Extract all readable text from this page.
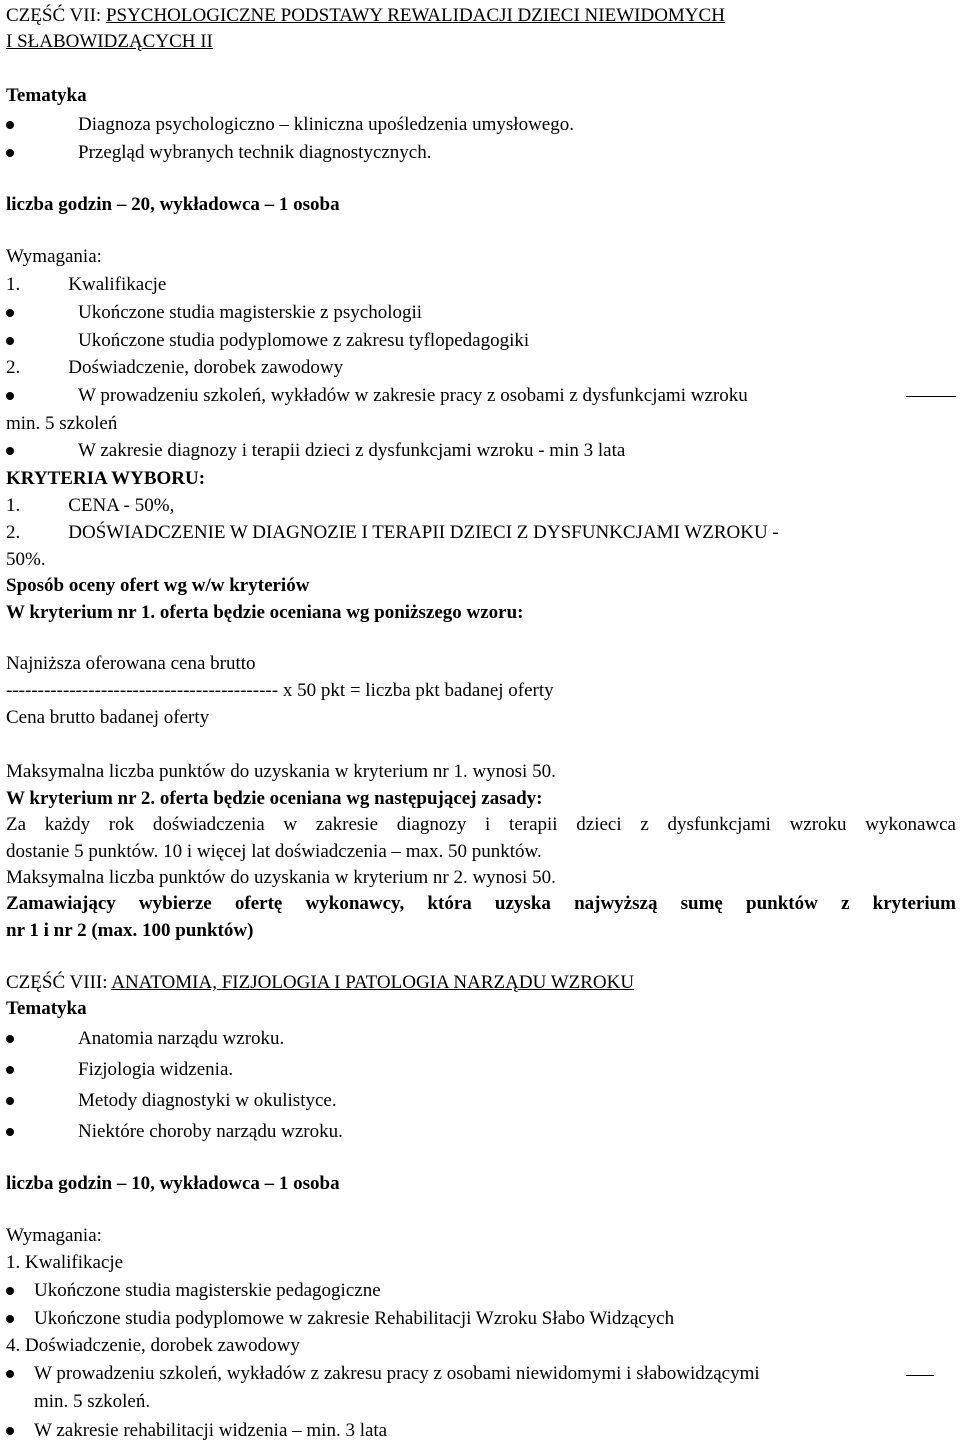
CZĘŚĆ VII: PSYCHOLOGICZNE PODSTAWY REWALIDACJI DZIECI NIEWIDOMYCH
I SŁABOWIDZĄCYCH II
Tematyka
Diagnoza psychologiczno – kliniczna upośledzenia umysłowego.
Przegląd wybranych technik diagnostycznych.
liczba godzin – 20, wykładowca – 1 osoba
Wymagania:
1.	Kwalifikacje
Ukończone studia magisterskie z psychologii
Ukończone studia podyplomowe z zakresu tyflopedagogiki
2.	Doświadczenie, dorobek zawodowy
W prowadzeniu szkoleń, wykładów w zakresie pracy z osobami z dysfunkcjami wzroku
min. 5 szkoleń
W zakresie diagnozy i terapii dzieci z dysfunkcjami wzroku - min 3 lata
KRYTERIA WYBORU:
1.	CENA - 50%,
2.	DOŚWIADCZENIE W DIAGNOZIE I TERAPII DZIECI Z DYSFUNKCJAMI WZROKU -
50%.
Sposób oceny ofert wg w/w kryteriów
W kryterium nr 1. oferta będzie oceniana wg poniższego wzoru:
Najniższa oferowana cena brutto
------------------------------------------- x 50 pkt = liczba pkt badanej oferty
Cena brutto badanej oferty
Maksymalna liczba punktów do uzyskania w kryterium nr 1. wynosi 50.
W kryterium nr 2. oferta będzie oceniana wg następującej zasady:
Za każdy rok doświadczenia w zakresie diagnozy i terapii dzieci z dysfunkcjami wzroku wykonawca
dostanie 5 punktów. 10 i więcej lat doświadczenia – max. 50 punktów.
Maksymalna liczba punktów do uzyskania w kryterium nr 2. wynosi 50.
Zamawiający wybierze ofertę wykonawcy, która uzyska najwyższą sumę punktów z kryterium
nr 1 i nr 2 (max. 100 punktów)
CZĘŚĆ VIII: ANATOMIA, FIZJOLOGIA I PATOLOGIA NARZĄDU WZROKU
Tematyka
Anatomia narządu wzroku.
Fizjologia widzenia.
Metody diagnostyki w okulistyce.
Niektóre choroby narządu wzroku.
liczba godzin – 10, wykładowca – 1 osoba
Wymagania:
1. Kwalifikacje
Ukończone studia magisterskie pedagogiczne
Ukończone studia podyplomowe w zakresie Rehabilitacji Wzroku Słabo Widzących
4. Doświadczenie, dorobek zawodowy
W prowadzeniu szkoleń, wykładów z zakresu pracy z osobami niewidomymi i słabowidzącymi
min. 5 szkoleń.
W zakresie rehabilitacji widzenia – min. 3 lata
